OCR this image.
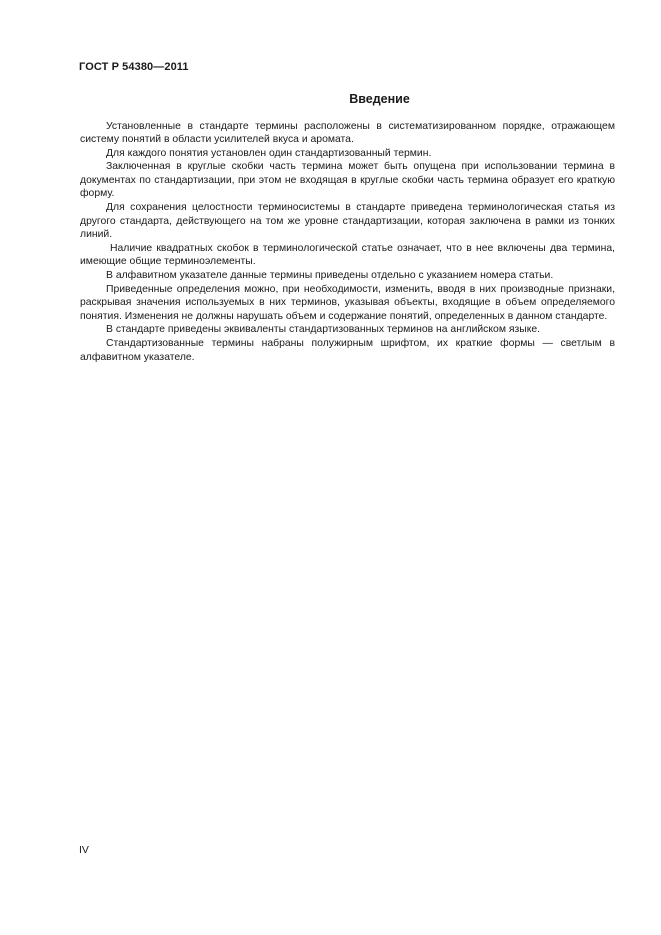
ГОСТ Р 54380—2011
Введение

Установленные в стандарте термины расположены в систематизированном порядке, отражающем систему понятий в области усилителей вкуса и аромата.

Для каждого понятия установлен один стандартизованный термин.

Заключенная в круглые скобки часть термина может быть опущена при использовании термина в документах по стандартизации, при этом не входящая в круглые скобки часть термина образует его краткую форму.

Для сохранения целостности терминосистемы в стандарте приведена терминологическая статья из другого стандарта, действующего на том же уровне стандартизации, которая заключена в рамки из тонких линий.

Наличие квадратных скобок в терминологической статье означает, что в нее включены два термина, имеющие общие терминоэлементы.

В алфавитном указателе данные термины приведены отдельно с указанием номера статьи.

Приведенные определения можно, при необходимости, изменить, вводя в них производные признаки, раскрывая значения используемых в них терминов, указывая объекты, входящие в объем определяемого понятия. Изменения не должны нарушать объем и содержание понятий, определенных в данном стандарте.

В стандарте приведены эквиваленты стандартизованных терминов на английском языке.

Стандартизованные термины набраны полужирным шрифтом, их краткие формы — светлым в алфавитном указателе.

IV
